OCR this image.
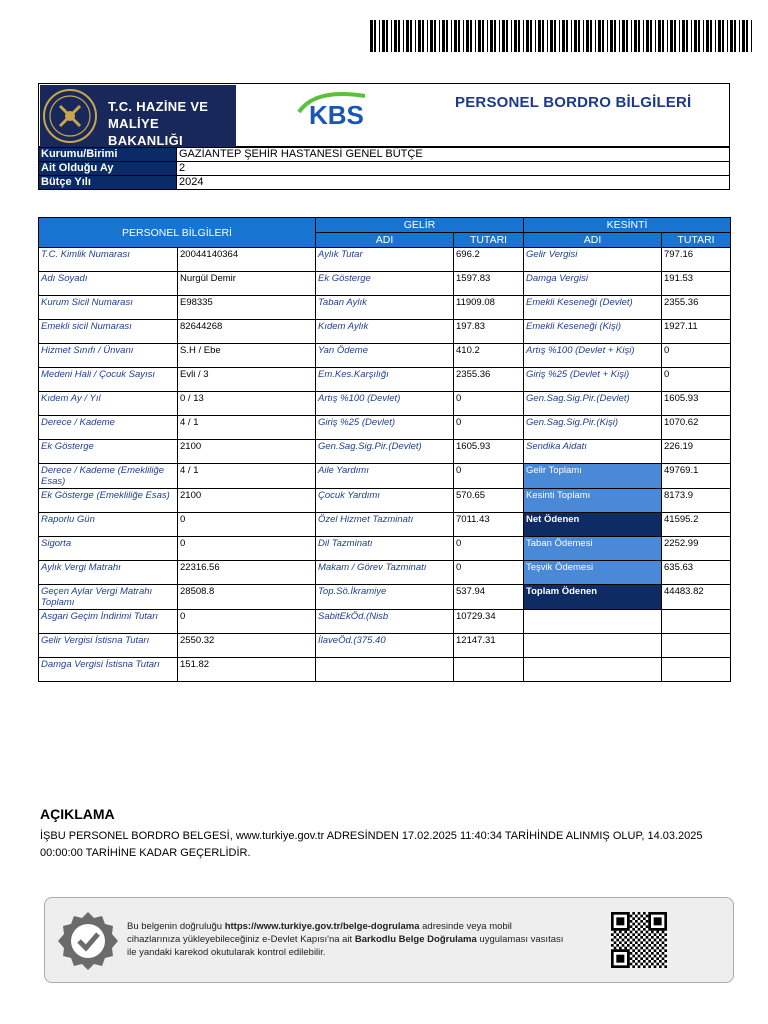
T.C. HAZİNE VE
MALİYE BAKANLIĞI
KBS	PERSONEL BORDRO BİLGİLERİ
Kurumu/Birimi	GAZİANTEP ŞEHİR HASTANESİ GENEL BÜTÇE
Ait Olduğu Ay	2
Bütçe Yılı	2024
PERSONEL BİLGİLERİ		GELİR		KESİNTİ	
		ADI	TUTARI	ADI	TUTARI
T.C. Kimlik Numarası	20044140364	Aylık Tutar	696.2	Gelir Vergisi	797.16
Adı Soyadı	Nurgül Demir	Ek Gösterge	1597.83	Damga Vergisi	191.53
Kurum Sicil Numarası	E98335	Taban Aylık	11909.08	Emekli Keseneği (Devlet)	2355.36
Emekli sicil Numarası	82644268	Kıdem Aylık	197.83	Emekli Keseneği (Kişi)	1927.11
Hizmet Sınıfı / Ünvanı	S.H / Ebe	Yan Ödeme	410.2	Artış %100 (Devlet + Kişi)	0
Medeni Hali / Çocuk Sayısı	Evli / 3	Em.Kes.Karşılığı	2355.36	Giriş %25 (Devlet + Kişi)	0
Kıdem Ay / Yıl	0 / 13	Artış %100 (Devlet)	0	Gen.Sag.Sig.Pir.(Devlet)	1605.93
Derece / Kademe	4 / 1	Giriş %25 (Devlet)	0	Gen.Sag.Sig.Pir.(Kişi)	1070.62
Ek Gösterge	2100	Gen.Sag.Sig.Pir.(Devlet)	1605.93	Sendika Aidatı	226.19
Derece / Kademe (Emekliliğe Esas)	4 / 1	Aile Yardımı	0	Gelir Toplamı	49769.1
Ek Gösterge (Emekliliğe Esas)	2100	Çocuk Yardımı	570.65	Kesinti Toplamı	8173.9
Raporlu Gün	0	Özel Hizmet Tazminatı	7011.43	Net Ödenen	41595.2
Sigorta	0	Dil Tazminatı	0	Taban Ödemesi	2252.99
Aylık Vergi Matrahı	22316.56	Makam / Görev Tazminatı	0	Teşvik Ödemesi	635.63
Geçen Aylar Vergi Matrahı Toplamı	28508.8	Top.Sö.İkramiye	537.94	Toplam Ödenen	44483.82
Asgari Geçim İndirimi Tutarı	0	SabitEkÖd.(Nisb	10729.34		
Gelir Vergisi İstisna Tutarı	2550.32	İlaveÖd.(375.40	12147.31		
Damga Vergisi İstisna Tutarı	151.82				
AÇIKLAMA
İŞBU PERSONEL BORDRO BELGESİ, www.turkiye.gov.tr ADRESİNDEN 17.02.2025 11:40:34 TARİHİNDE ALINMIŞ OLUP, 14.03.2025 00:00:00 TARİHİNE KADAR GEÇERLİDİR.
Bu belgenin doğruluğu https://www.turkiye.gov.tr/belge-dogrulama adresinde veya mobil cihazlarınıza yükleyebileceğiniz e-Devlet Kapısı'na ait Barkodlu Belge Doğrulama uygulaması vasıtası ile yandaki karekod okutularak kontrol edilebilir.
